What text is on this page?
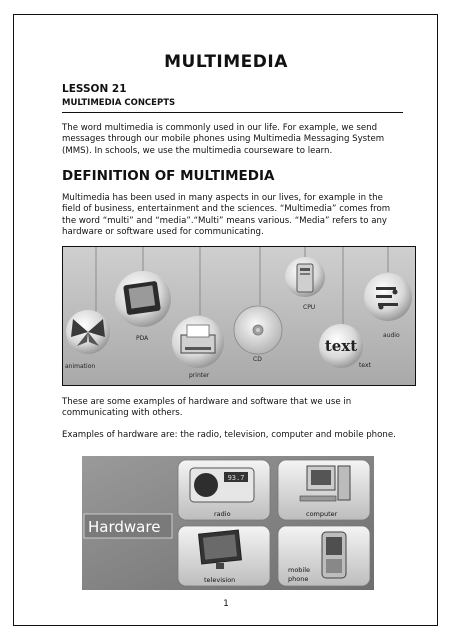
MULTIMEDIA
LESSON 21
MULTIMEDIA CONCEPTS
The word multimedia is commonly used in our life. For example, we send messages through our mobile phones using Multimedia Messaging System (MMS). In schools, we use the multimedia courseware to learn.
DEFINITION OF MULTIMEDIA
Multimedia has been used in many aspects in our lives, for example in the field of business, entertainment and the sciences. “Multimedia” comes from the word “multi” and “media”.“Multi” means various. “Media” refers to any hardware or software used for communicating.
text
animation
PDA
printer
CD
CPU
text
audio
These are some examples of hardware and software that we use in communicating with others.
Examples of hardware are: the radio, television, computer and mobile phone.
Hardware
93.7
radio	computer
television
mobile
phone
1
